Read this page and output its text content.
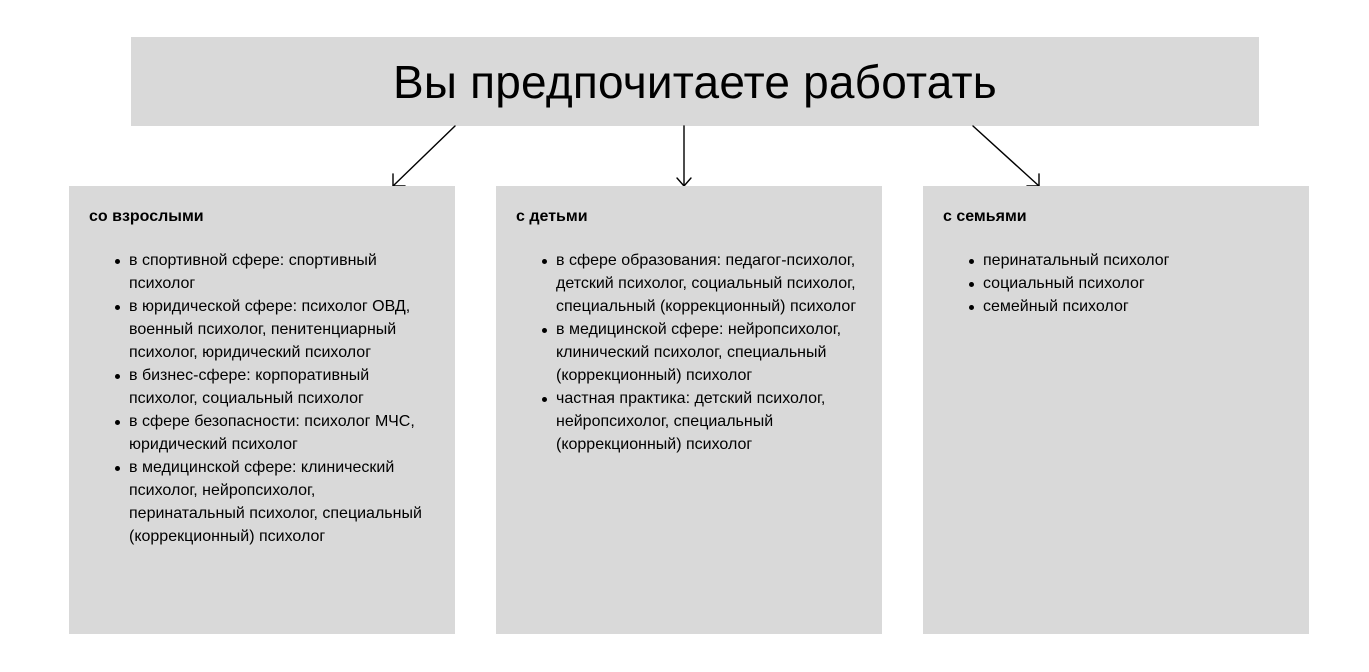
Вы предпочитаете работать
со взрослыми
в спортивной сфере: спортивный психолог
в юридической сфере: психолог ОВД, военный психолог, пенитенциарный психолог, юридический психолог
в бизнес-сфере: корпоративный психолог, социальный психолог
в сфере безопасности: психолог МЧС, юридический психолог
в медицинской сфере: клинический психолог, нейропсихолог, перинатальный психолог, специальный (коррекционный) психолог
с детьми
в сфере образования: педагог-психолог, детский психолог, социальный психолог, специальный (коррекционный) психолог
в медицинской сфере: нейропсихолог, клинический психолог, специальный (коррекционный) психолог
частная практика: детский психолог, нейропсихолог, специальный (коррекционный) психолог
с семьями
перинатальный психолог
социальный психолог
семейный психолог
